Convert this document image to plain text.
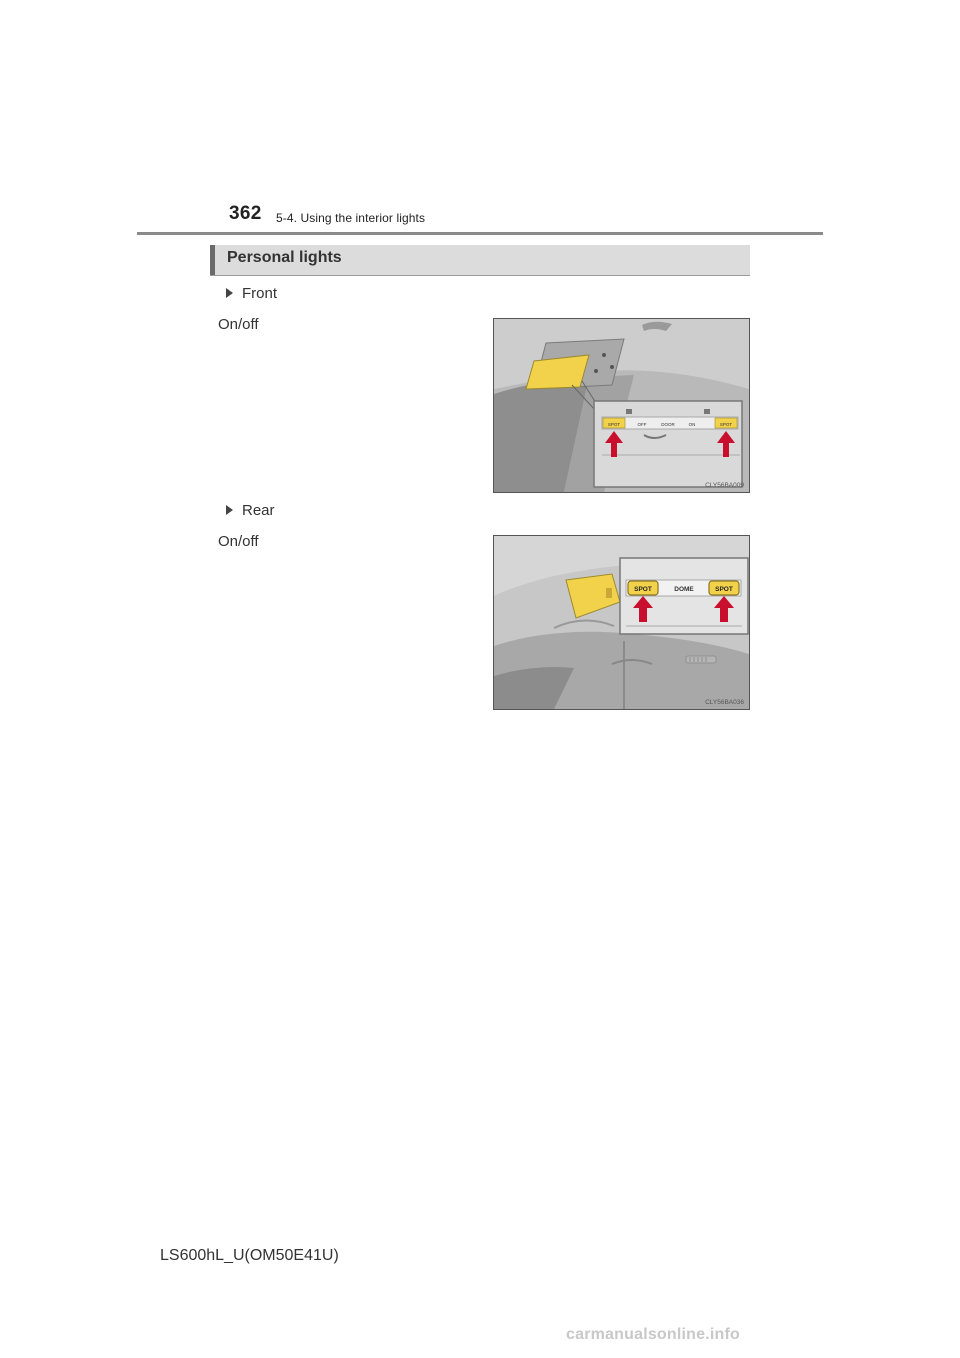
362 5-4. Using the interior lights
Personal lights
Front
On/off
SPOT	OFF	DOOR	ON	SPOT
CLY56BA009
Rear
On/off
SPOT	DOME	SPOT
CLY56BA036
LS600hL_U(OM50E41U)
carmanualsonline.info
